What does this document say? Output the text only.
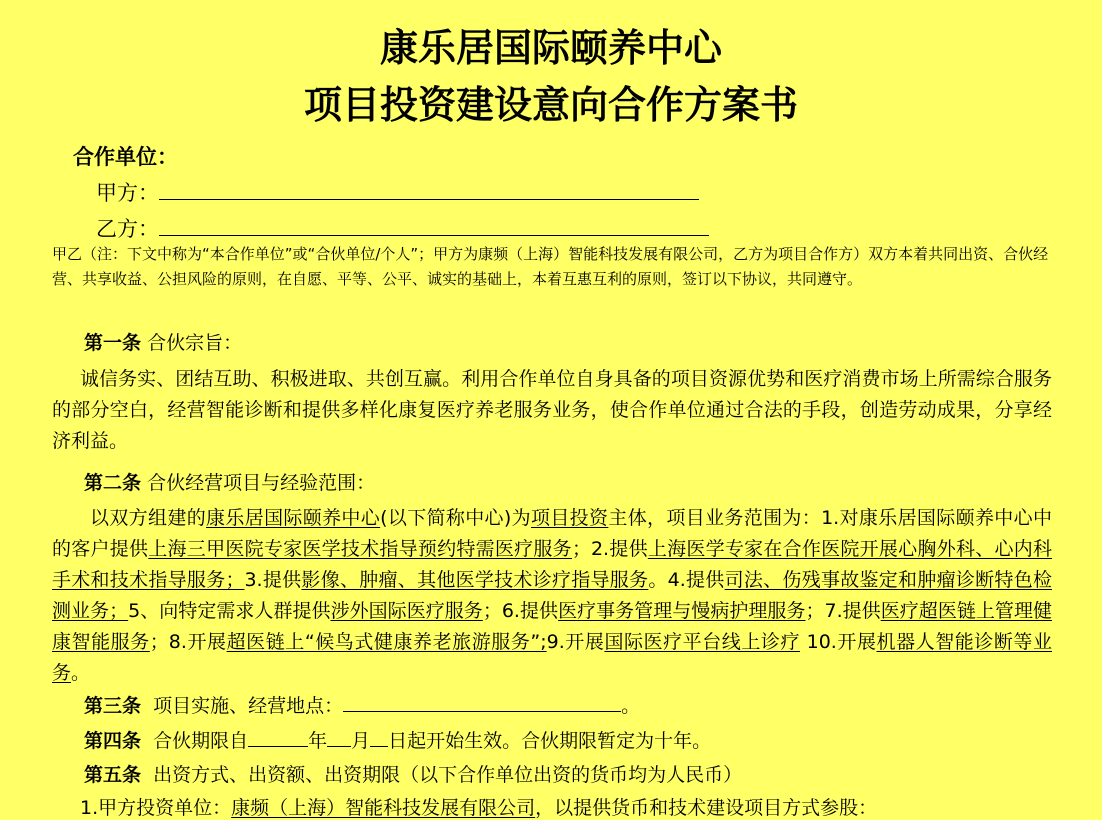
康乐居国际颐养中心
项目投资建设意向合作方案书
合作单位：
甲方：
乙方：
甲乙（注：下文中称为“本合作单位”或“合伙单位/个人”；甲方为康频（上海）智能科技发展有限公司，乙方为项目合作方）双方本着共同出资、合伙经营、共享收益、公担风险的原则，在自愿、平等、公平、诚实的基础上，本着互惠互利的原则，签订以下协议，共同遵守。
第一条 合伙宗旨：
诚信务实、团结互助、积极进取、共创互赢。利用合作单位自身具备的项目资源优势和医疗消费市场上所需综合服务的部分空白，经营智能诊断和提供多样化康复医疗养老服务业务，使合作单位通过合法的手段，创造劳动成果，分享经济利益。
第二条 合伙经营项目与经验范围：
以双方组建的康乐居国际颐养中心(以下简称中心)为项目投资主体，项目业务范围为：1.对康乐居国际颐养中心中的客户提供上海三甲医院专家医学技术指导预约特需医疗服务；2.提供上海医学专家在合作医院开展心胸外科、心内科手术和技术指导服务；3.提供影像、肿瘤、其他医学技术诊疗指导服务。4.提供司法、伤残事故鉴定和肿瘤诊断特色检测业务；5、向特定需求人群提供涉外国际医疗服务；6.提供医疗事务管理与慢病护理服务；7.提供医疗超医链上管理健康智能服务；8.开展超医链上“候鸟式健康养老旅游服务”;9.开展国际医疗平台线上诊疗 10.开展机器人智能诊断等业务。
第三条 项目实施、经营地点：	。
第四条 合伙期限自	年 月 日起开始生效。合伙期限暂定为十年。
第五条 出资方式、出资额、出资期限（以下合作单位出资的货币均为人民币）
1.甲方投资单位：康频（上海）智能科技发展有限公司，以提供货币和技术建设项目方式参股：
